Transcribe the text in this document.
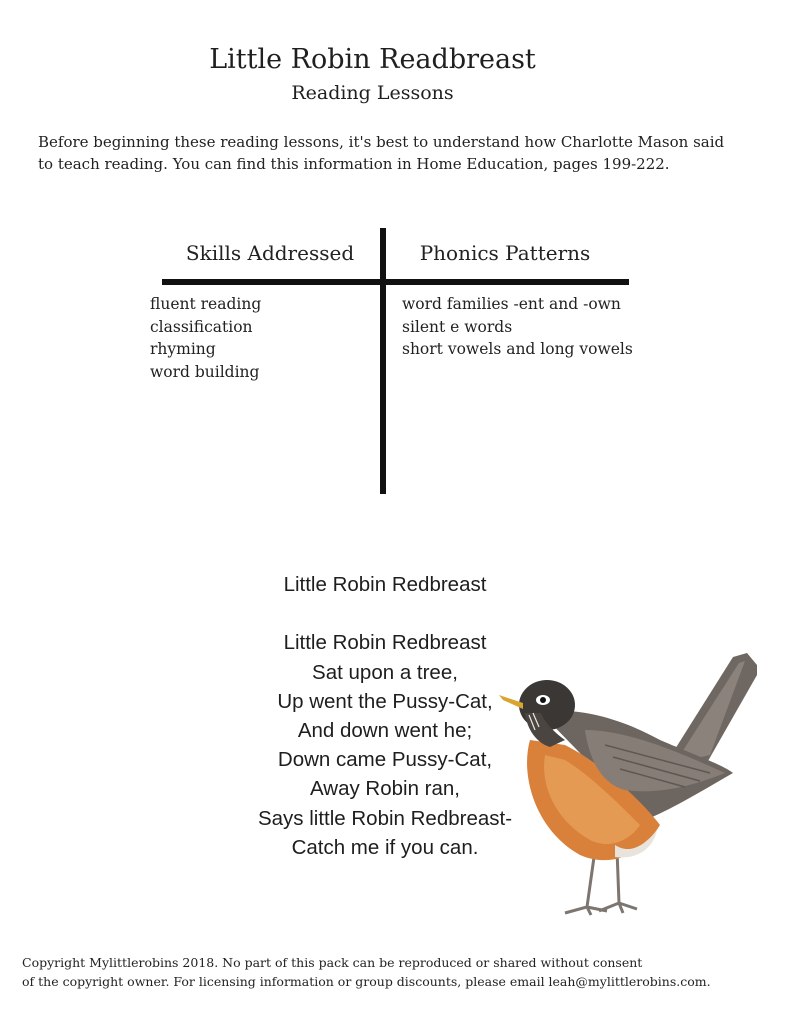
Little Robin Readbreast
Reading Lessons
Before beginning these reading lessons, it's best to understand how Charlotte Mason said
to teach reading. You can find this information in Home Education, pages 199-222.
Skills Addressed	Phonics Patterns
fluent reading
classification
rhyming
word building
word families -ent and -own
silent e words
short vowels and long vowels
Little Robin Redbreast
Little Robin Redbreast
Sat upon a tree,
Up went the Pussy-Cat,
And down went he;
Down came Pussy-Cat,
Away Robin ran,
Says little Robin Redbreast-
Catch me if you can.
Copyright Mylittlerobins 2018. No part of this pack can be reproduced or shared without consent
of the copyright owner. For licensing information or group discounts, please email leah@mylittlerobins.com.
